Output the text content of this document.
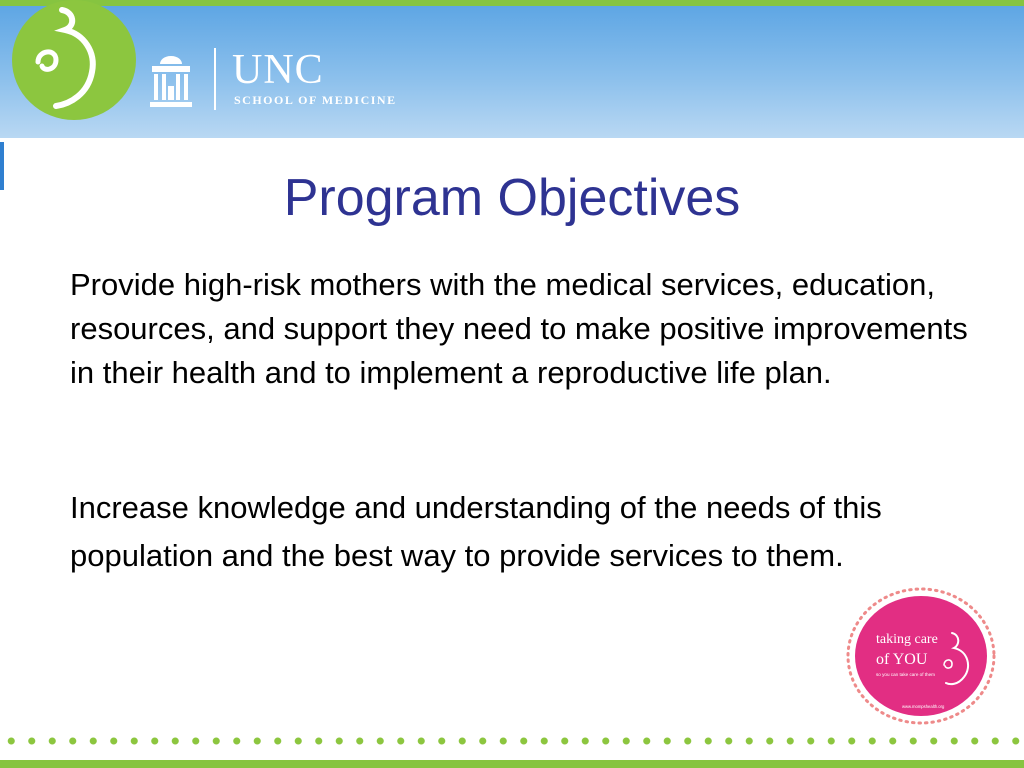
UNC

SCHOOL OF MEDICINE

Program Objectives

Provide high-risk mothers with the medical services, education, resources, and support they need to make positive improvements in their health and to implement a reproductive life plan.

Increase knowledge and understanding of the needs of this population and the best way to provide services to them.

taking care
of YOU
so you can take care of them
www.mompshealth.org
